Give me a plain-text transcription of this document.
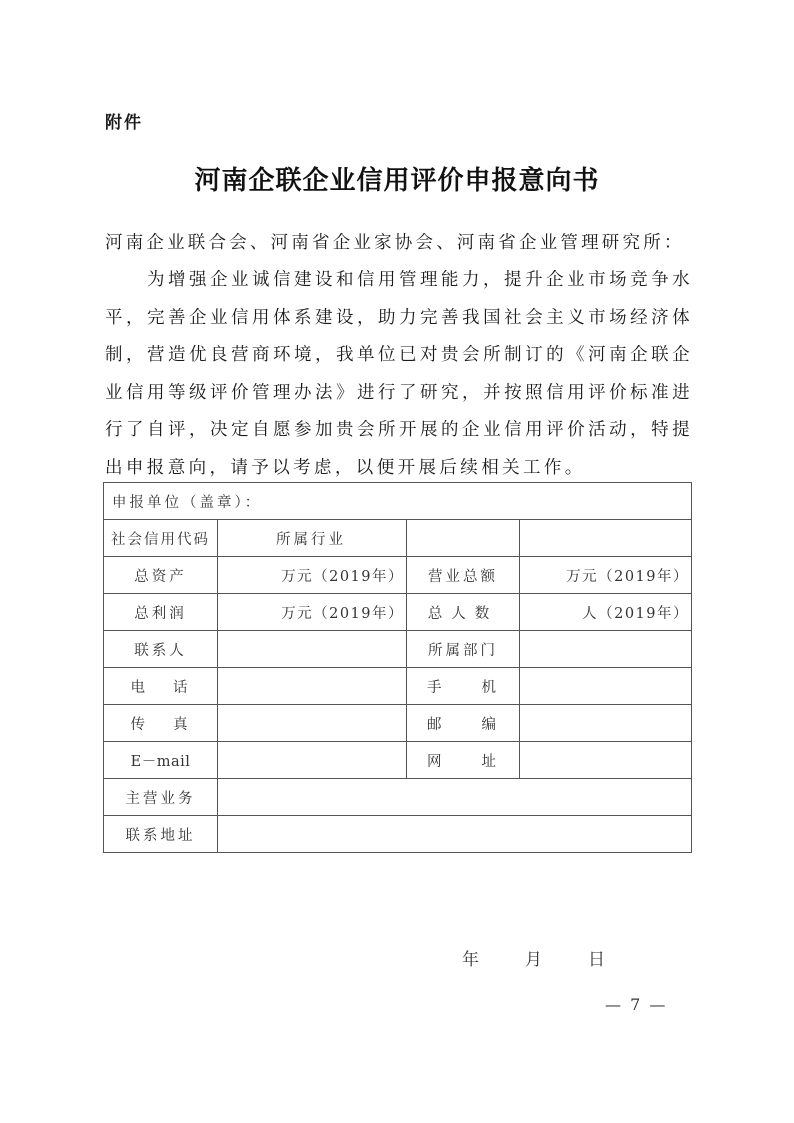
附件
河南企联企业信用评价申报意向书
河南企业联合会、河南省企业家协会、河南省企业管理研究所：
为增强企业诚信建设和信用管理能力，提升企业市场竞争水平，完善企业信用体系建设，助力完善我国社会主义市场经济体制，营造优良营商环境，我单位已对贵会所制订的《河南企联企业信用等级评价管理办法》进行了研究，并按照信用评价标准进行了自评，决定自愿参加贵会所开展的企业信用评价活动，特提出申报意向，请予以考虑，以便开展后续相关工作。
申报单位（盖章）：			
社会信用代码	所属行业		
总资产	万元（2019年）	营业总额	万元（2019年）
总利润	万元（2019年）	总人数	人（2019年）
联系人		所属部门	

电 话		手 机	

传 真		邮 编	

E－mail		网 址	

主营业务			
联系地址			
年	月	日
— 7 —
